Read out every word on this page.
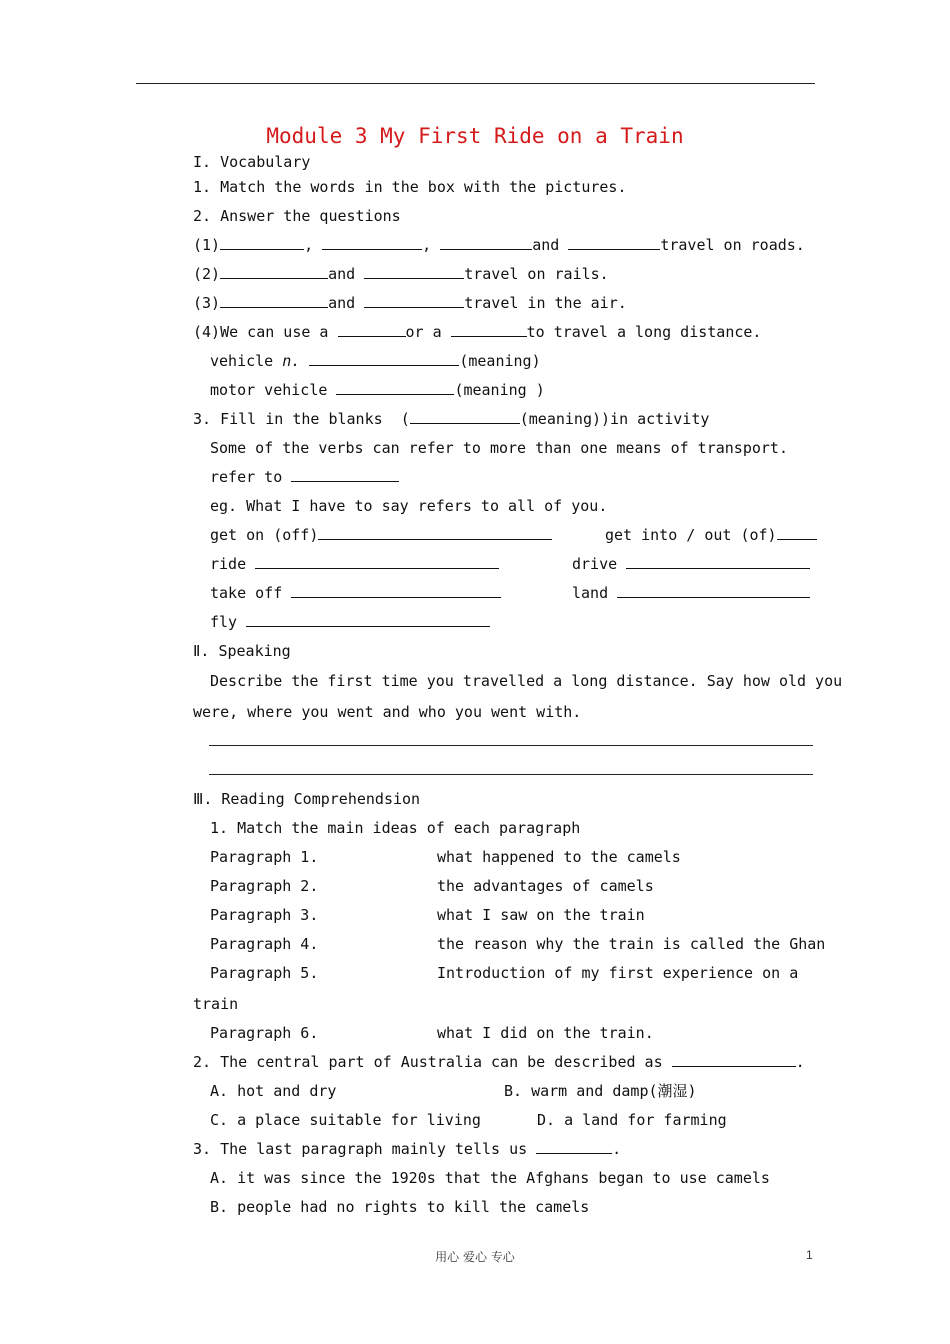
Module 3 My First Ride on a Train
I. Vocabulary
1. Match the words in the box with the pictures.
2. Answer the questions
(1)	,	,	and	travel on roads.
(2)	and	travel on rails.
(3)	and	travel in the air.
(4)We can use a	or a	to travel a long distance.
vehicle n.	(meaning)
motor vehicle	(meaning )
3. Fill in the blanks  (	(meaning))in activity
Some of the verbs can refer to more than one means of transport.
refer to
eg. What I have to say refers to all of you.
get on (off)	get into / out (of)
ride	drive
take off	land
fly
Ⅱ. Speaking
Describe the first time you travelled a long distance. Say how old you
were, where you went and who you went with.
Ⅲ. Reading Comprehendsion
1. Match the main ideas of each paragraph
Paragraph 1.	what happened to the camels
Paragraph 2.	the advantages of camels
Paragraph 3.	what I saw on the train
Paragraph 4.	the reason why the train is called the Ghan
Paragraph 5.	Introduction of my first experience on a
train
Paragraph 6.	what I did on the train.
2. The central part of Australia can be described as	.
A. hot and dry	B. warm and damp(潮湿)
C. a place suitable for living	D. a land for farming
3. The last paragraph mainly tells us	.
A. it was since the 1920s that the Afghans began to use camels
B. people had no rights to kill the camels
用心 爱心 专心	1
